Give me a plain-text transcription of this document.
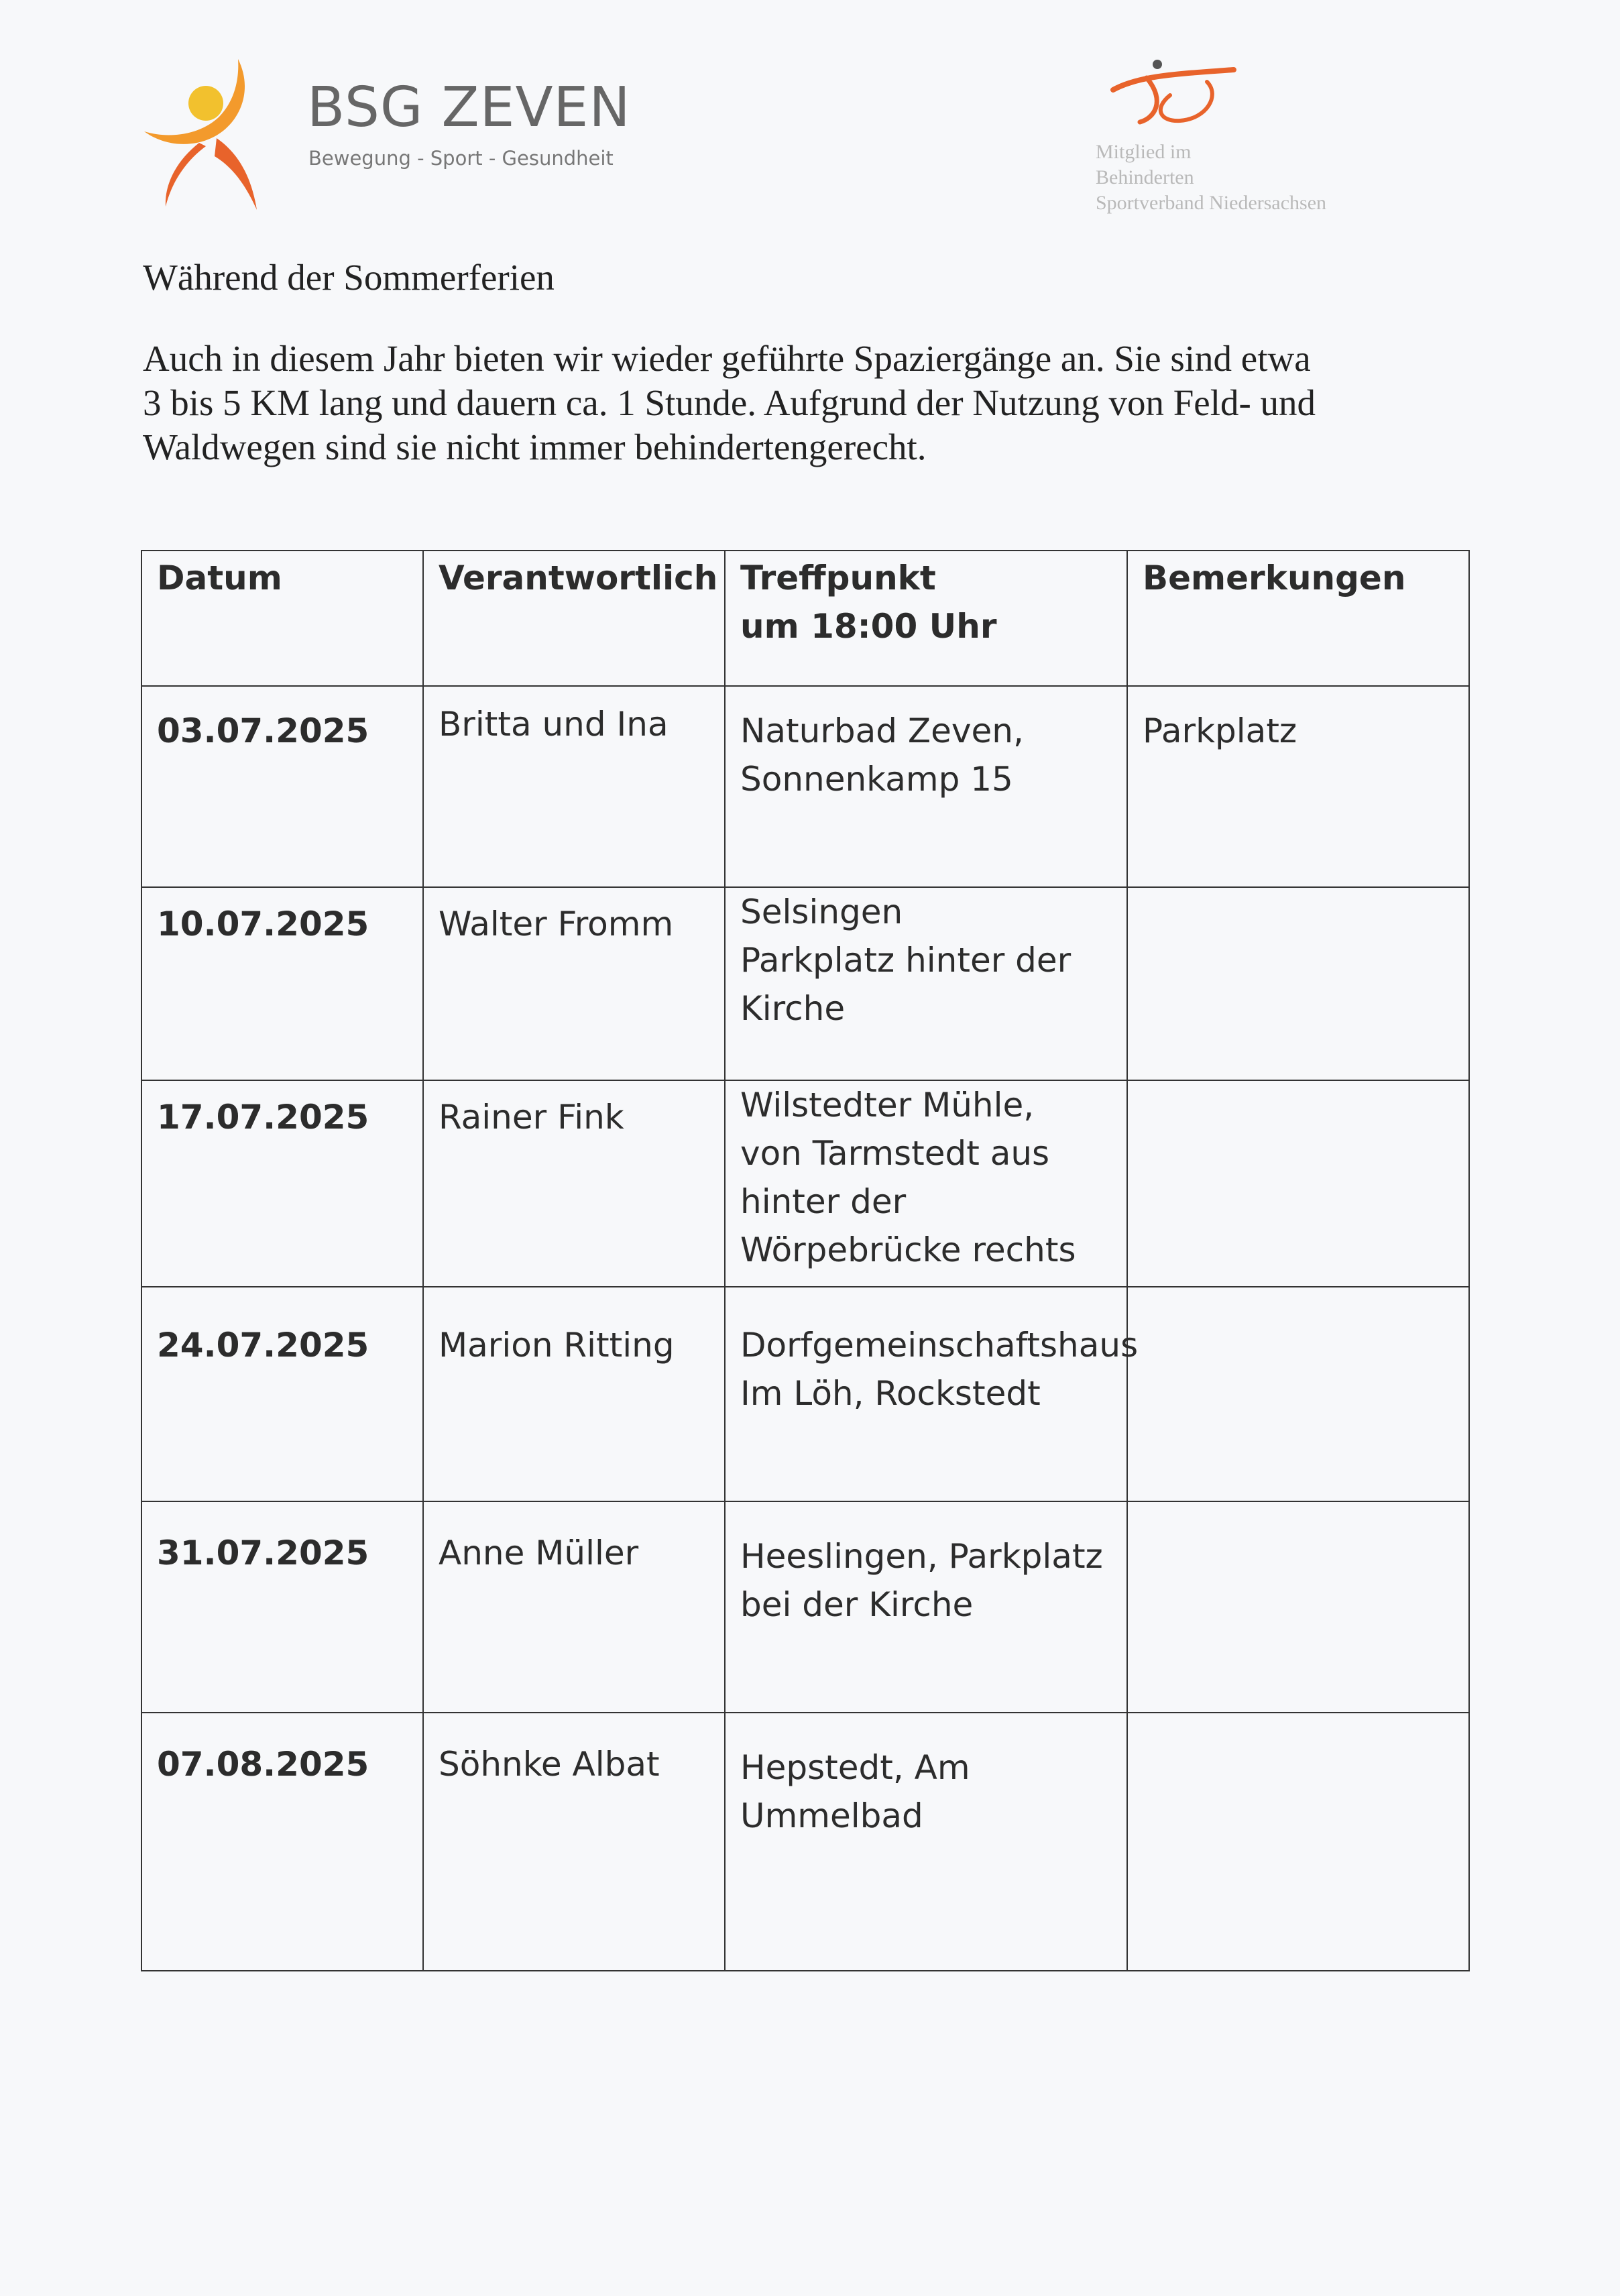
BSG ZEVEN
Bewegung - Sport - Gesundheit	Mitglied im
Behinderten
Sportverband Niedersachsen
Während der Sommerferien
Auch in diesem Jahr bieten wir wieder geführte Spaziergänge an. Sie sind etwa
3 bis 5 KM lang und dauern ca. 1 Stunde. Aufgrund der Nutzung von Feld- und
Waldwegen sind sie nicht immer behindertengerecht.
Datum	Verantwortlich	Treffpunkt
um 18:00 Uhr	Bemerkungen
03.07.2025	Britta und Ina	Naturbad Zeven,
Sonnenkamp 15	Parkplatz
10.07.2025	Walter Fromm	Selsingen
Parkplatz hinter der
Kirche	

17.07.2025	Rainer Fink	Wilstedter Mühle,
von Tarmstedt aus
hinter der
Wörpebrücke rechts	

24.07.2025	Marion Ritting	Dorfgemeinschaftshaus
Im Löh, Rockstedt	

31.07.2025	Anne Müller	Heeslingen, Parkplatz
bei der Kirche	

07.08.2025	Söhnke Albat	Hepstedt, Am
Ummelbad	
